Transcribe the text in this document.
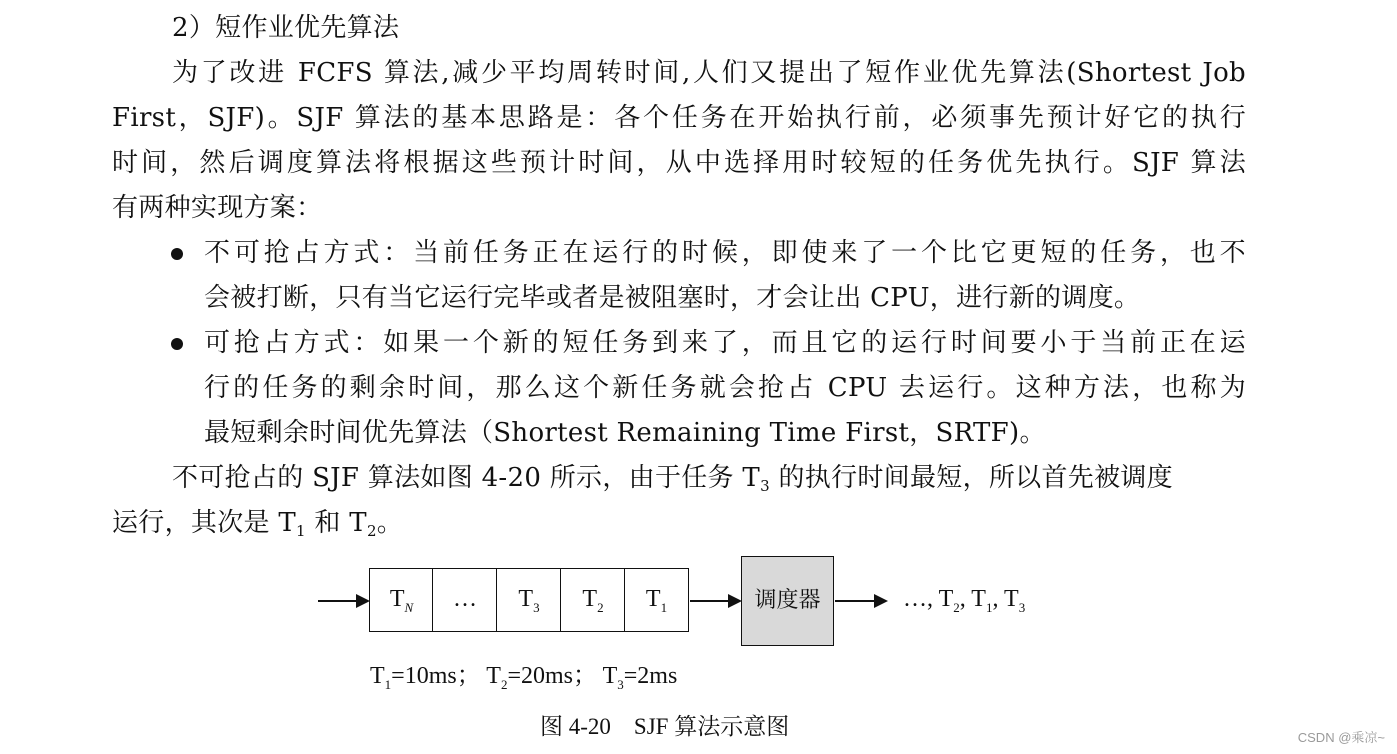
2）短作业优先算法
为了改进 FCFS 算法,减少平均周转时间,人们又提出了短作业优先算法(Shortest Job
First，SJF)。SJF 算法的基本思路是：各个任务在开始执行前，必须事先预计好它的执行
时间，然后调度算法将根据这些预计时间，从中选择用时较短的任务优先执行。SJF 算法
有两种实现方案：
不可抢占方式：当前任务正在运行的时候，即使来了一个比它更短的任务，也不
会被打断，只有当它运行完毕或者是被阻塞时，才会让出 CPU，进行新的调度。
可抢占方式：如果一个新的短任务到来了，而且它的运行时间要小于当前正在运
行的任务的剩余时间，那么这个新任务就会抢占 CPU 去运行。这种方法，也称为
最短剩余时间优先算法（Shortest Remaining Time First，SRTF)。
不可抢占的 SJF 算法如图 4-20 所示，由于任务 $T_3$ 的执行时间最短，所以首先被调度
运行，其次是 $T_1$ 和 $T_2$。
$T_N$	…	$T_3$	$T_2$	$T_1$	调度器	…, $T_2$, $T_1$, $T_3$
$T_1=10ms$； $T_2=20ms$； $T_3=2ms$
图 4-20    SJF 算法示意图	CSDN @乘凉~
